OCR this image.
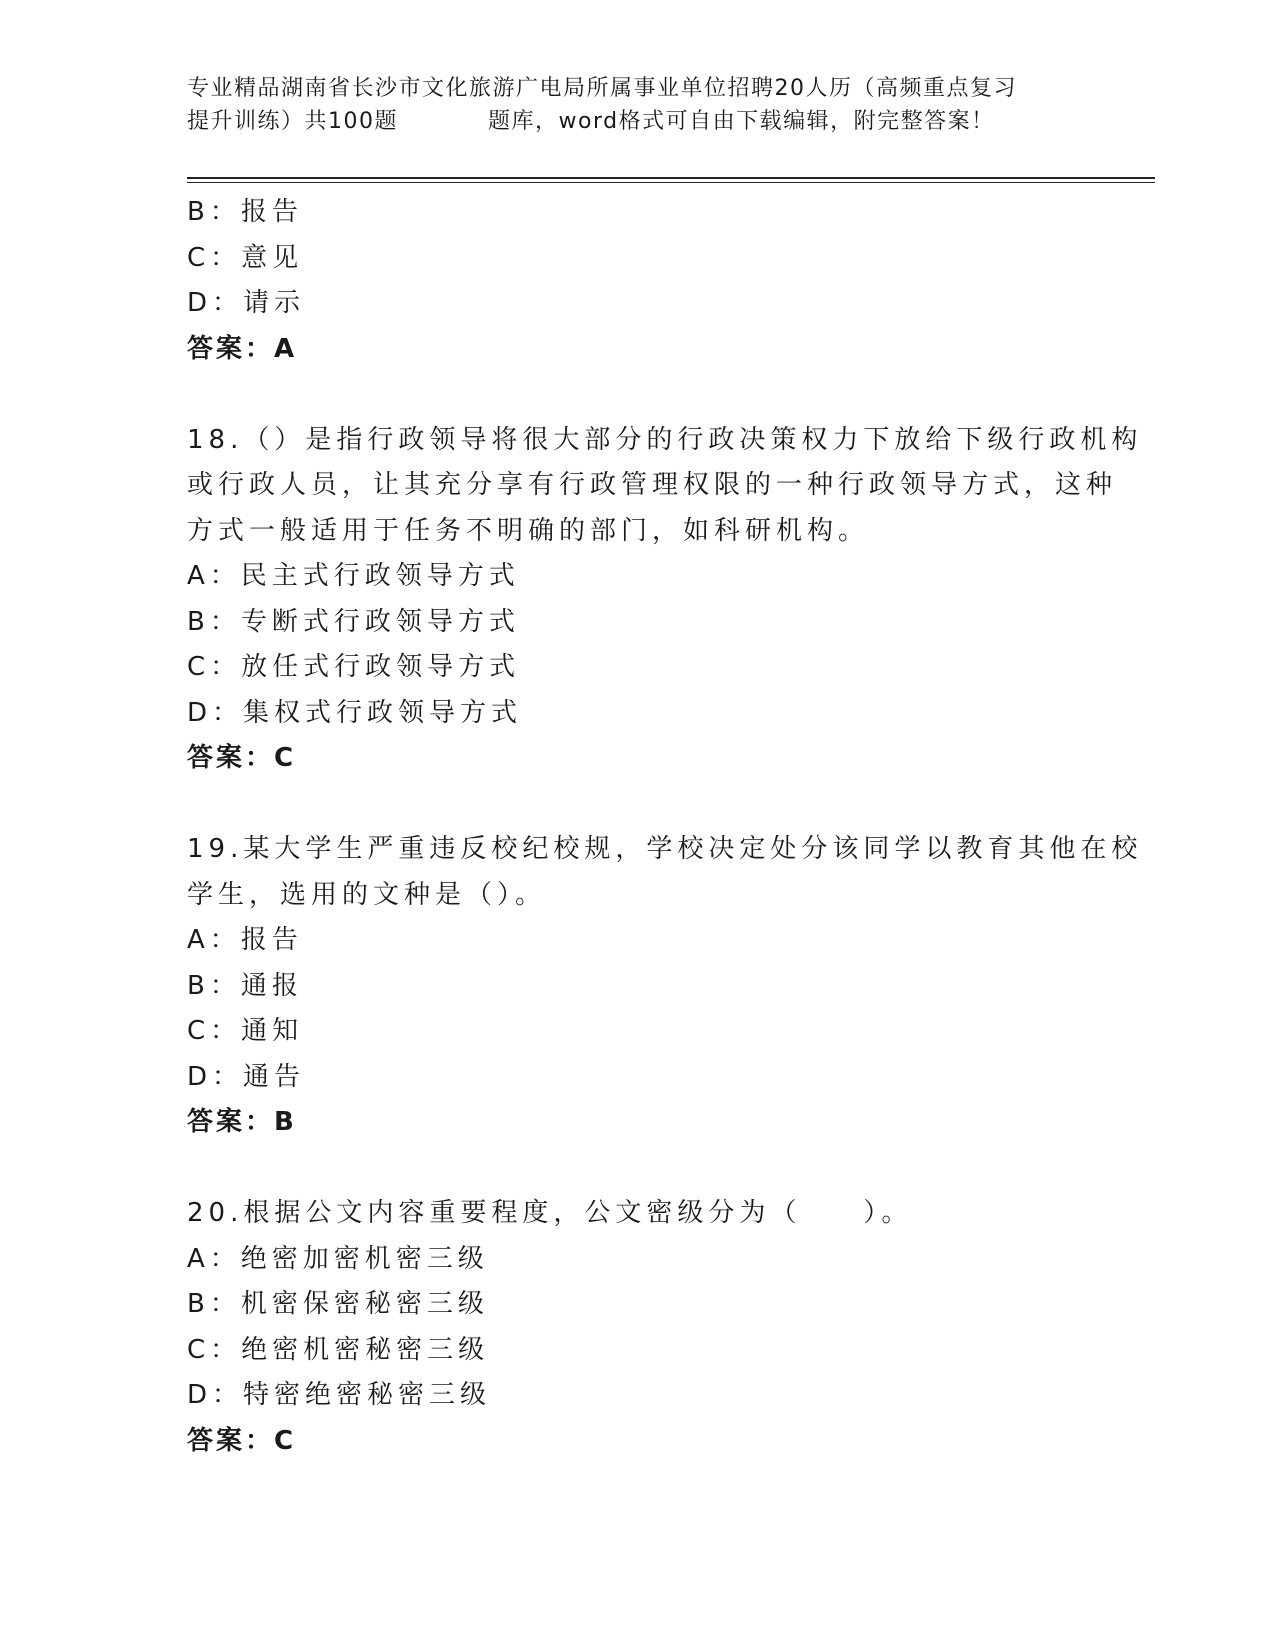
专业精品湖南省长沙市文化旅游广电局所属事业单位招聘20人历（高频重点复习
提升训练）共100题	题库，word格式可自由下载编辑，附完整答案！
B：报告
C：意见
D：请示
答案：A
18.（）是指行政领导将很大部分的行政决策权力下放给下级行政机构
或行政人员，让其充分享有行政管理权限的一种行政领导方式，这种
方式一般适用于任务不明确的部门，如科研机构。
A：民主式行政领导方式
B：专断式行政领导方式
C：放任式行政领导方式
D：集权式行政领导方式
答案：C
19.某大学生严重违反校纪校规，学校决定处分该同学以教育其他在校
学生，选用的文种是（）。
A：报告
B：通报
C：通知
D：通告
答案：B
20.根据公文内容重要程度，公文密级分为（　　）。
A：绝密加密机密三级
B：机密保密秘密三级
C：绝密机密秘密三级
D：特密绝密秘密三级
答案：C
